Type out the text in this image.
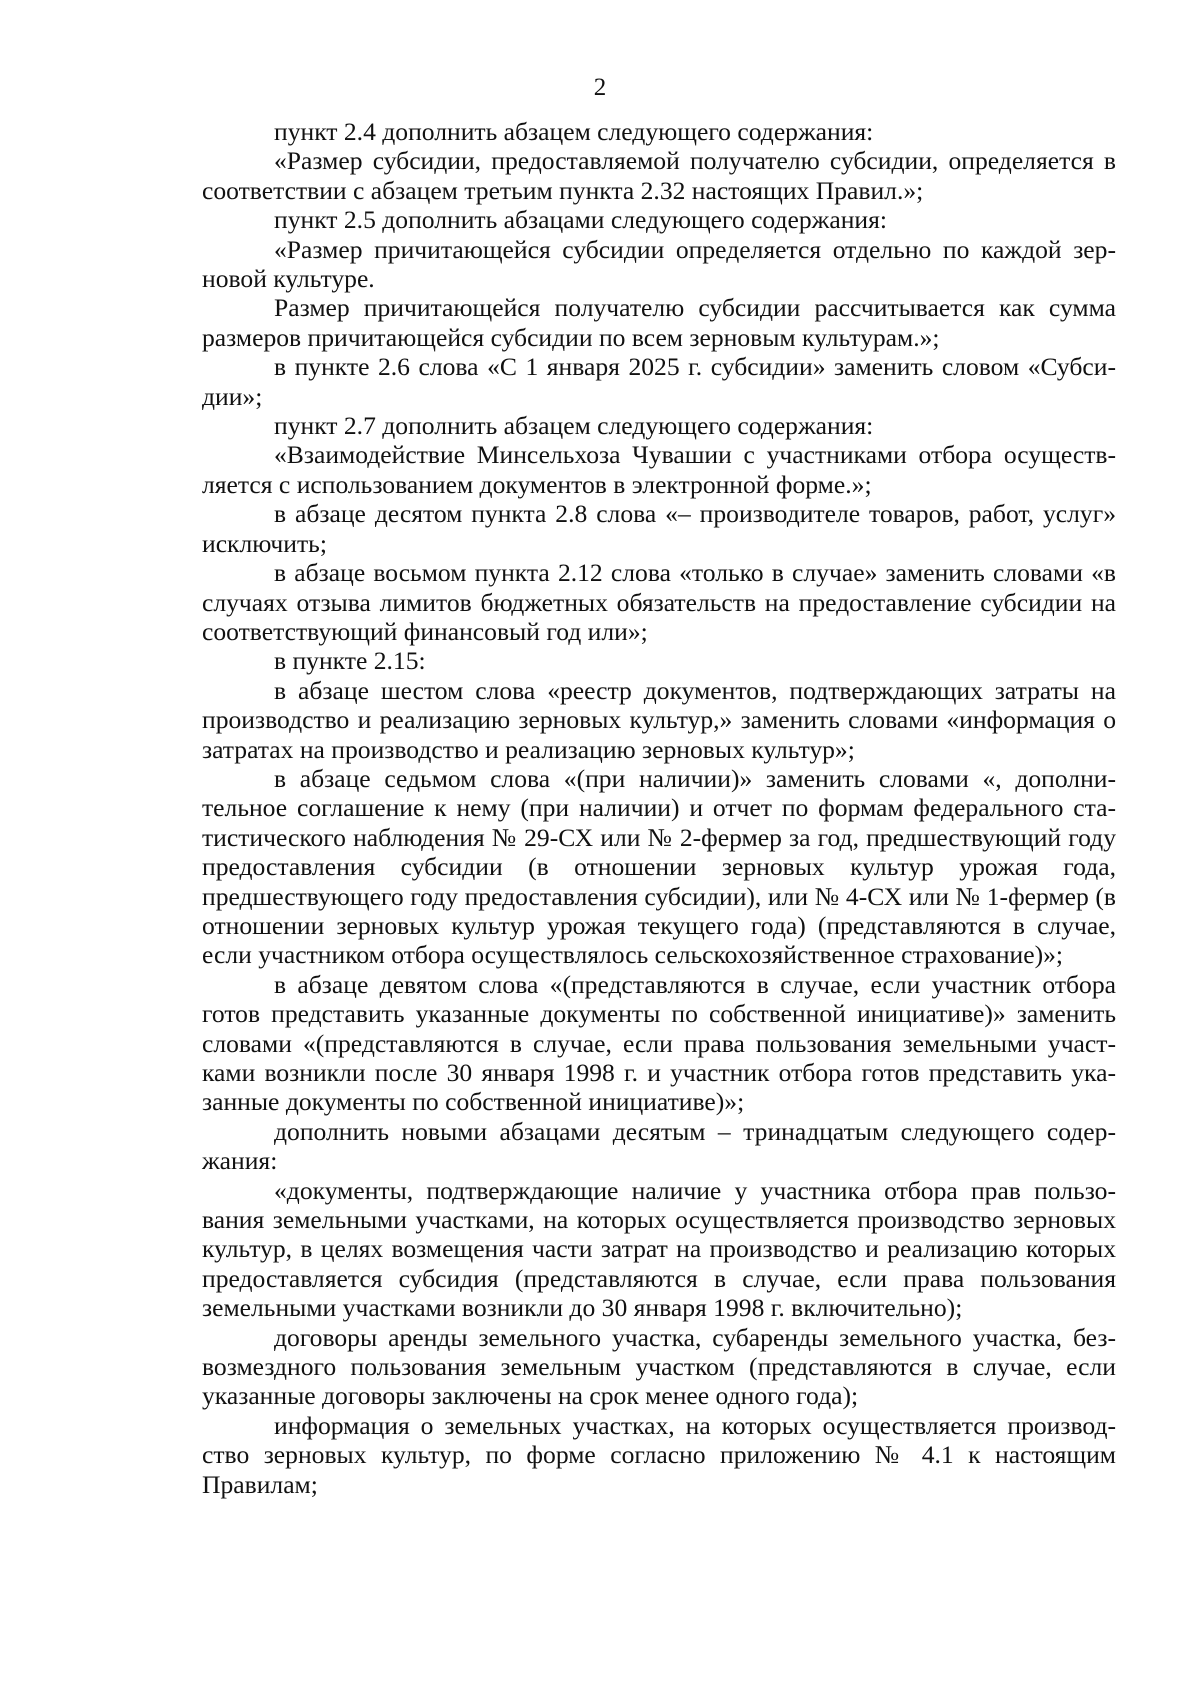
2

пункт 2.4 дополнить абзацем следующего содержания:

«Размер субсидии, предоставляемой получателю субсидии, определяется в соответствии с абзацем третьим пункта 2.32 настоящих Правил.»;

пункт 2.5 дополнить абзацами следующего содержания:

«Размер причитающейся субсидии определяется отдельно по каждой зерновой культуре.

Размер причитающейся получателю субсидии рассчитывается как сумма размеров причитающейся субсидии по всем зерновым культурам.»;

в пункте 2.6 слова «С 1 января 2025 г. субсидии» заменить словом «Субсидии»;

пункт 2.7 дополнить абзацем следующего содержания:

«Взаимодействие Минсельхоза Чувашии с участниками отбора осуществляется с использованием документов в электронной форме.»;

в абзаце десятом пункта 2.8 слова «– производителе товаров, работ, услуг» исключить;

в абзаце восьмом пункта 2.12 слова «только в случае» заменить словами «в случаях отзыва лимитов бюджетных обязательств на предоставление субсидии на соответствующий финансовый год или»;

в пункте 2.15:

в абзаце шестом слова «реестр документов, подтверждающих затраты на производство и реализацию зерновых культур,» заменить словами «информация о затратах на производство и реализацию зерновых культур»;

в абзаце седьмом слова «(при наличии)» заменить словами «, дополнительное соглашение к нему (при наличии) и отчет по формам федерального статистического наблюдения № 29-СХ или № 2-фермер за год, предшествующий году предоставления субсидии (в отношении зерновых культур урожая года, предшествующего году предоставления субсидии), или № 4-СХ или № 1-фермер (в отношении зерновых культур урожая текущего года) (представляются в случае, если участником отбора осуществлялось сельскохозяйственное страхование)»;

в абзаце девятом слова «(представляются в случае, если участник отбора готов представить указанные документы по собственной инициативе)» заменить словами «(представляются в случае, если права пользования земельными участками возникли после 30 января 1998 г. и участник отбора готов представить указанные документы по собственной инициативе)»;

дополнить новыми абзацами десятым – тринадцатым следующего содержания:

«документы, подтверждающие наличие у участника отбора прав пользования земельными участками, на которых осуществляется производство зерновых культур, в целях возмещения части затрат на производство и реализацию которых предоставляется субсидия (представляются в случае, если права пользования земельными участками возникли до 30 января 1998 г. включительно);

договоры аренды земельного участка, субаренды земельного участка, безвозмездного пользования земельным участком (представляются в случае, если указанные договоры заключены на срок менее одного года);

информация о земельных участках, на которых осуществляется производство зерновых культур, по форме согласно приложению № 4.1 к настоящим Правилам;
